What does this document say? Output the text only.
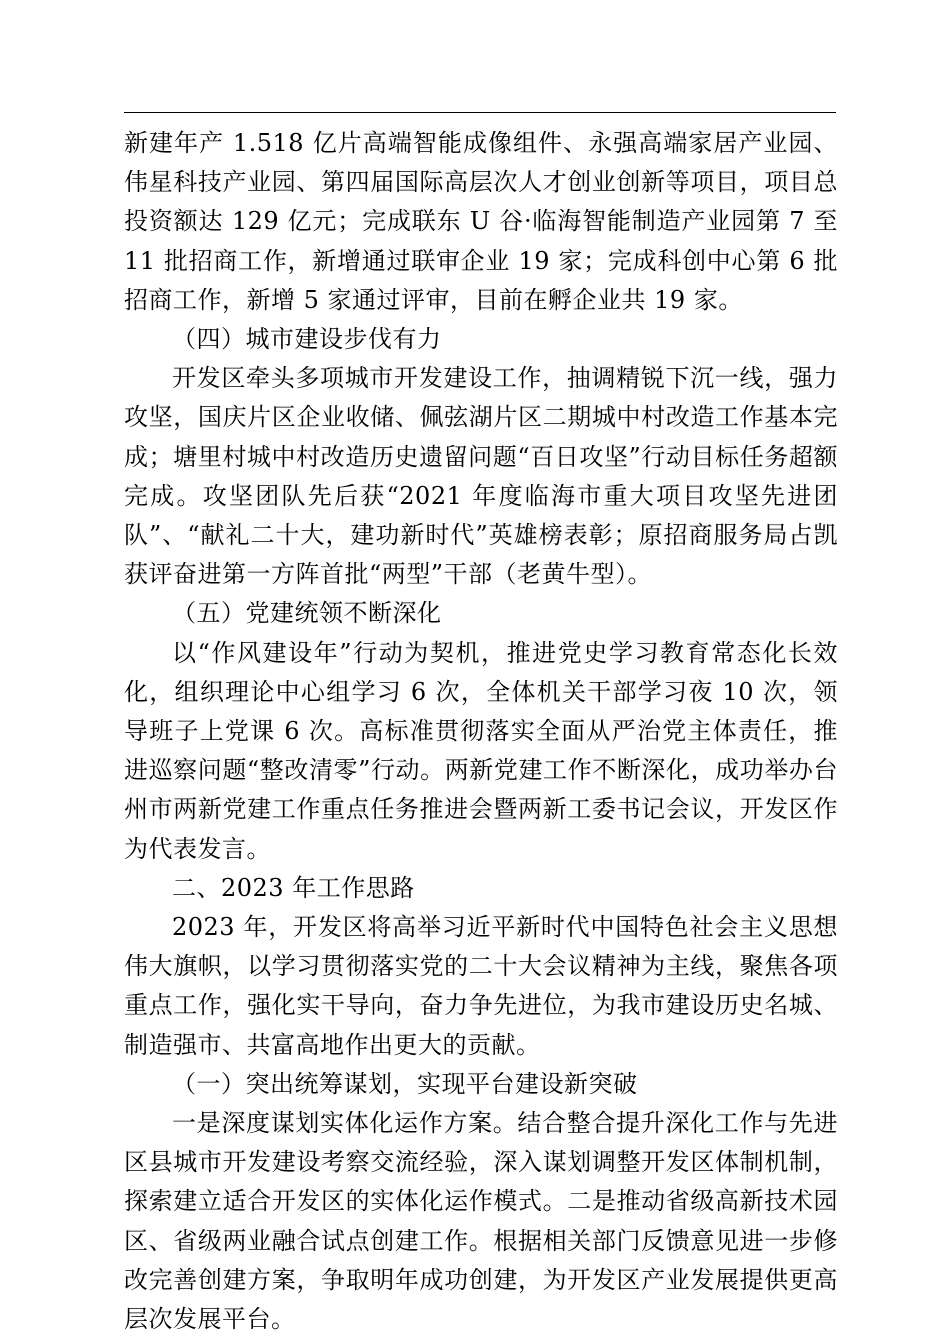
新建年产 1.518 亿片高端智能成像组件、永强高端家居产业园、伟星科技产业园、第四届国际高层次人才创业创新等项目，项目总投资额达 129 亿元；完成联东 U 谷·临海智能制造产业园第 7 至 11 批招商工作，新增通过联审企业 19 家；完成科创中心第 6 批招商工作，新增 5 家通过评审，目前在孵企业共 19 家。

（四）城市建设步伐有力

开发区牵头多项城市开发建设工作，抽调精锐下沉一线，强力攻坚，国庆片区企业收储、佩弦湖片区二期城中村改造工作基本完成；塘里村城中村改造历史遗留问题“百日攻坚”行动目标任务超额完成。攻坚团队先后获“2021 年度临海市重大项目攻坚先进团队”、“献礼二十大，建功新时代”英雄榜表彰；原招商服务局占凯获评奋进第一方阵首批“两型”干部（老黄牛型）。

（五）党建统领不断深化

以“作风建设年”行动为契机，推进党史学习教育常态化长效化，组织理论中心组学习 6 次，全体机关干部学习夜 10 次，领导班子上党课 6 次。高标准贯彻落实全面从严治党主体责任，推进巡察问题“整改清零”行动。两新党建工作不断深化，成功举办台州市两新党建工作重点任务推进会暨两新工委书记会议，开发区作为代表发言。

二、2023 年工作思路

2023 年，开发区将高举习近平新时代中国特色社会主义思想伟大旗帜，以学习贯彻落实党的二十大会议精神为主线，聚焦各项重点工作，强化实干导向，奋力争先进位，为我市建设历史名城、制造强市、共富高地作出更大的贡献。

（一）突出统筹谋划，实现平台建设新突破

一是深度谋划实体化运作方案。结合整合提升深化工作与先进区县城市开发建设考察交流经验，深入谋划调整开发区体制机制，探索建立适合开发区的实体化运作模式。二是推动省级高新技术园区、省级两业融合试点创建工作。根据相关部门反馈意见进一步修改完善创建方案，争取明年成功创建，为开发区产业发展提供更高层次发展平台。
